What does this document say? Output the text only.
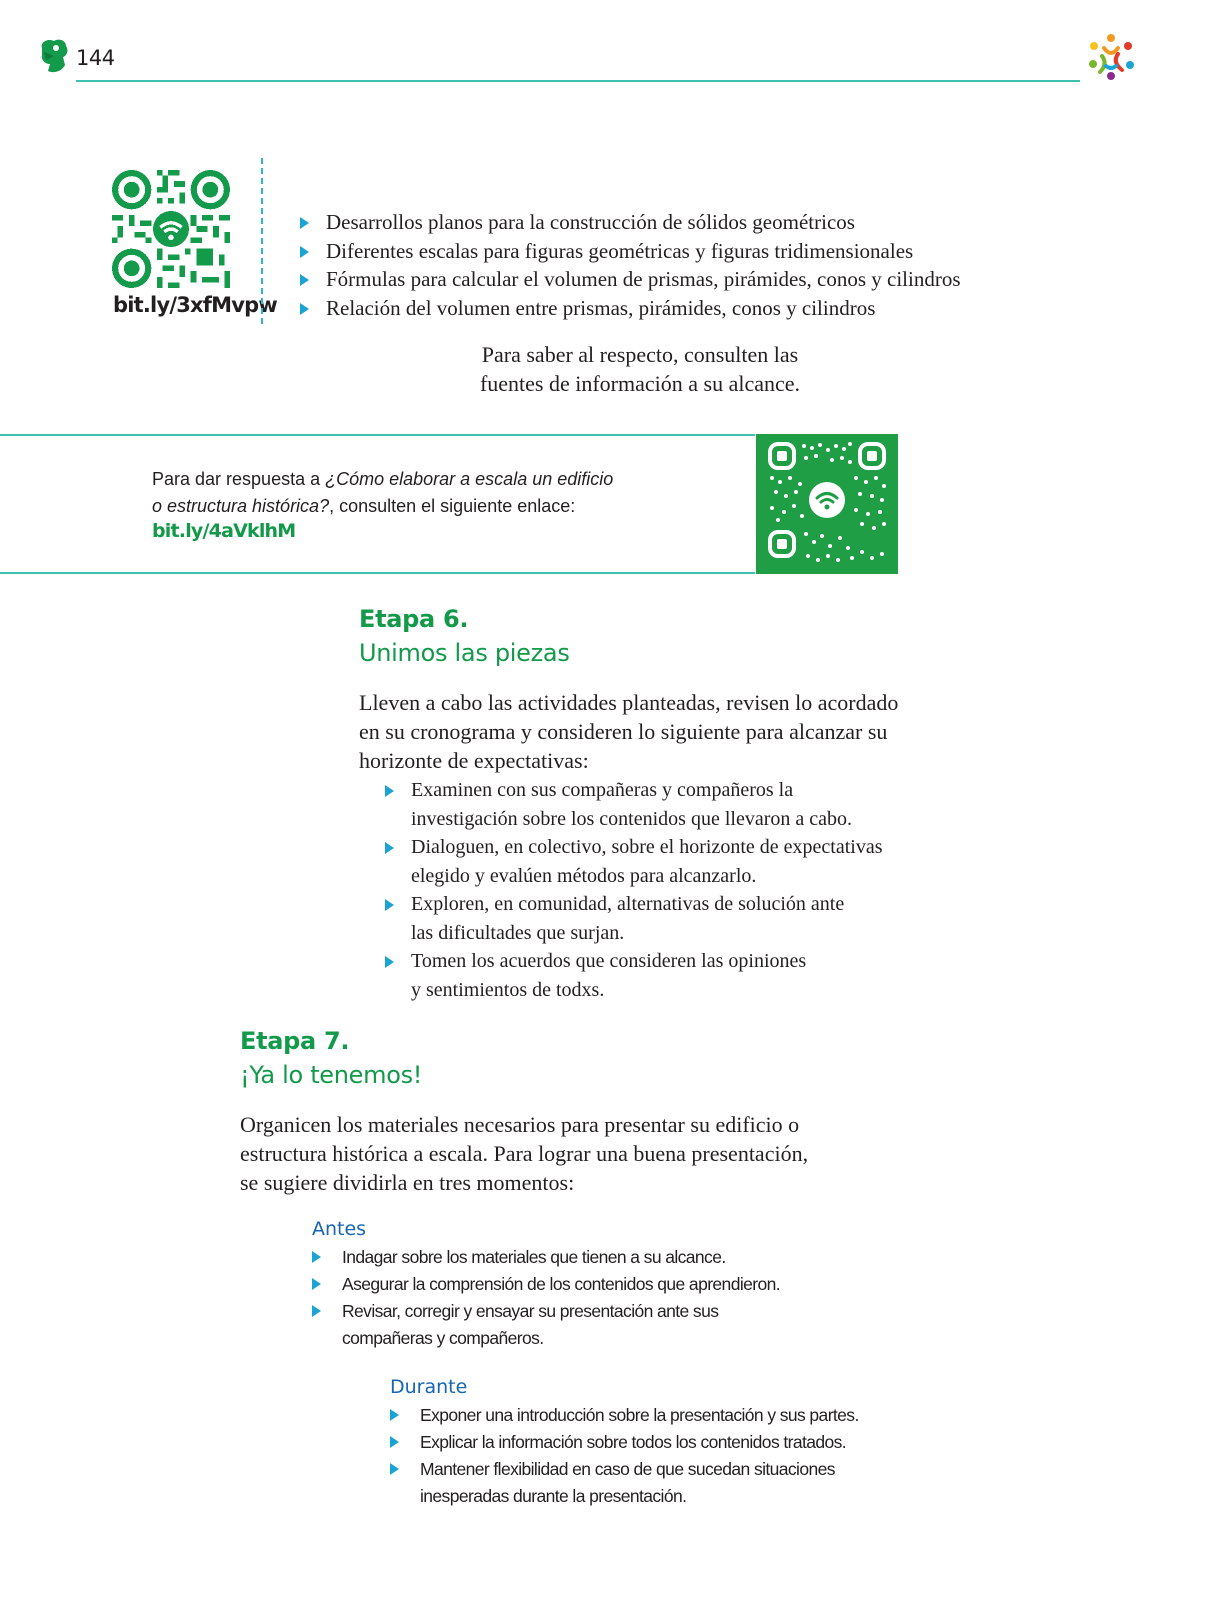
144
bit.ly/3xfMvpw
Desarrollos planos para la construcción de sólidos geométricos
Diferentes escalas para figuras geométricas y figuras tridimensionales
Fórmulas para calcular el volumen de prismas, pirámides, conos y cilindros
Relación del volumen entre prismas, pirámides, conos y cilindros
Para saber al respecto, consulten las
fuentes de información a su alcance.
Para dar respuesta a ¿Cómo elaborar a escala un edificio
o estructura histórica?, consulten el siguiente enlace:
bit.ly/4aVklhM
Etapa 6.
Unimos las piezas
Lleven a cabo las actividades planteadas, revisen lo acordado
en su cronograma y consideren lo siguiente para alcanzar su
horizonte de expectativas:
Examinen con sus compañeras y compañeros la
investigación sobre los contenidos que llevaron a cabo.
Dialoguen, en colectivo, sobre el horizonte de expectativas
elegido y evalúen métodos para alcanzarlo.
Exploren, en comunidad, alternativas de solución ante
las dificultades que surjan.
Tomen los acuerdos que consideren las opiniones
y sentimientos de todxs.
Etapa 7.
¡Ya lo tenemos!
Organicen los materiales necesarios para presentar su edificio o
estructura histórica a escala. Para lograr una buena presentación,
se sugiere dividirla en tres momentos:
Antes
Indagar sobre los materiales que tienen a su alcance.
Asegurar la comprensión de los contenidos que aprendieron.
Revisar, corregir y ensayar su presentación ante sus
compañeras y compañeros.
Durante
Exponer una introducción sobre la presentación y sus partes.
Explicar la información sobre todos los contenidos tratados.
Mantener flexibilidad en caso de que sucedan situaciones
inesperadas durante la presentación.
